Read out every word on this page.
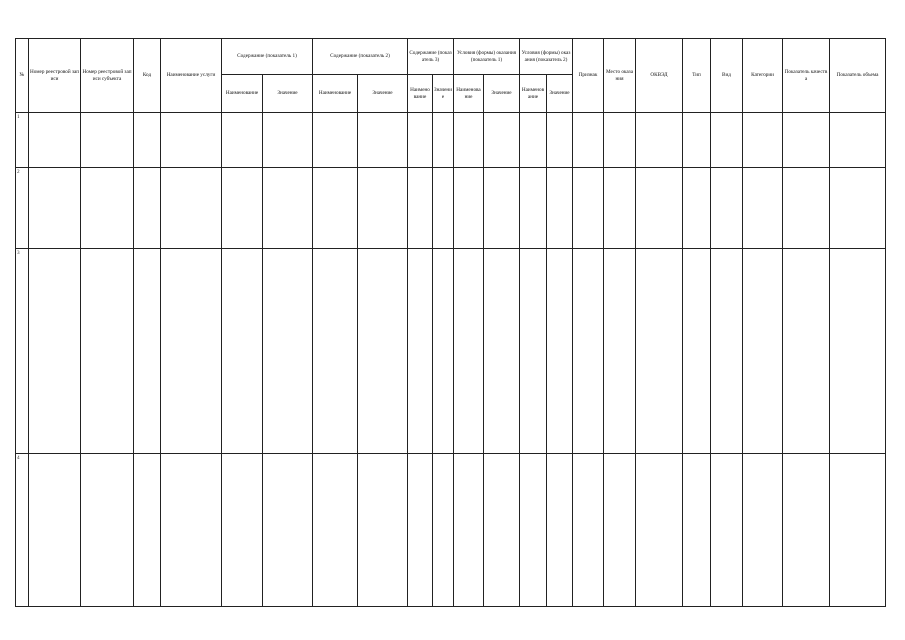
№	Номер реестровой записи	Номер реестровой записи субъекта	Код	Наименование услуги	Содержание (показатель 1)		Содержание (показатель 2)		Содержание (показатель 3)		Условия (формы) оказания (показатель 1)		Условия (формы) оказания (показатель 2)		Признак	Место оказания	ОКВЭД	Тип	Вид	Категории	Показатель качества	Показатель объема
					Наименование	Значение	Наименование	Значение	Наименование	Значение	Наименование	Значение	Наименование	Значение								
1																						
2																						
3																						
4																						
